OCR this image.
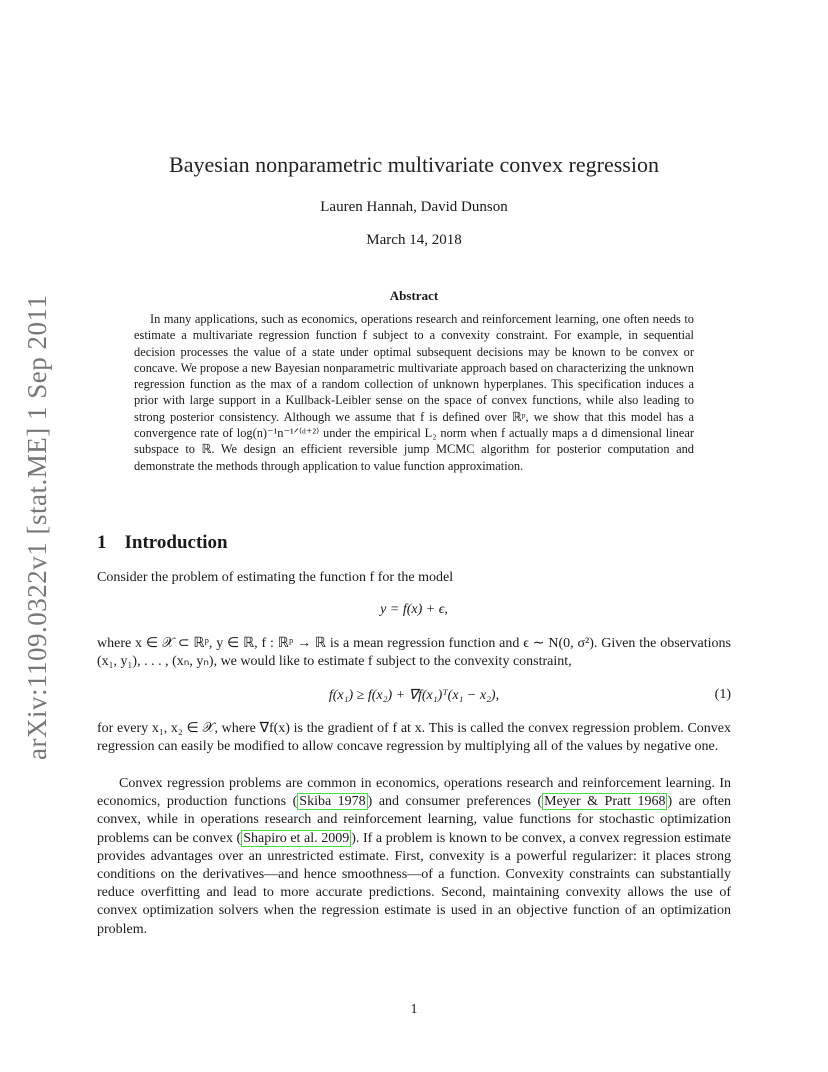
arXiv:1109.0322v1 [stat.ME] 1 Sep 2011
Bayesian nonparametric multivariate convex regression
Lauren Hannah, David Dunson
March 14, 2018
Abstract

In many applications, such as economics, operations research and reinforcement learning, one often needs to estimate a multivariate regression function f subject to a convexity constraint. For example, in sequential decision processes the value of a state under optimal subsequent decisions may be known to be convex or concave. We propose a new Bayesian nonparametric multivariate approach based on characterizing the unknown regression function as the max of a random collection of unknown hyperplanes. This specification induces a prior with large support in a Kullback-Leibler sense on the space of convex functions, while also leading to strong posterior consistency. Although we assume that f is defined over ℝᵖ, we show that this model has a convergence rate of log(n)⁻¹n⁻¹ᐟ⁽ᵈ⁺²⁾ under the empirical L₂ norm when f actually maps a d dimensional linear subspace to ℝ. We design an efficient reversible jump MCMC algorithm for posterior computation and demonstrate the methods through application to value function approximation.

1 Introduction

Consider the problem of estimating the function f for the model

y = f(x) + ϵ,

where x ∈ 𝒳 ⊂ ℝᵖ, y ∈ ℝ, f : ℝᵖ → ℝ is a mean regression function and ϵ ∼ N(0, σ²). Given the observations (x₁, y₁), . . . , (xₙ, yₙ), we would like to estimate f subject to the convexity constraint,

f(x₁) ≥ f(x₂) + ∇f(x₁)ᵀ(x₁ − x₂),	(1)

for every x₁, x₂ ∈ 𝒳, where ∇f(x) is the gradient of f at x. This is called the convex regression problem. Convex regression can easily be modified to allow concave regression by multiplying all of the values by negative one.

Convex regression problems are common in economics, operations research and reinforcement learning. In economics, production functions ( Skiba 1978 ) and consumer preferences ( Meyer & Pratt 1968 ) are often convex, while in operations research and reinforcement learning, value functions for stochastic optimization problems can be convex ( Shapiro et al. 2009 ). If a problem is known to be convex, a convex regression estimate provides advantages over an unrestricted estimate. First, convexity is a powerful regularizer: it places strong conditions on the derivatives—and hence smoothness—of a function. Convexity constraints can substantially reduce overfitting and lead to more accurate predictions. Second, maintaining convexity allows the use of convex optimization solvers when the regression estimate is used in an objective function of an optimization problem.

1
